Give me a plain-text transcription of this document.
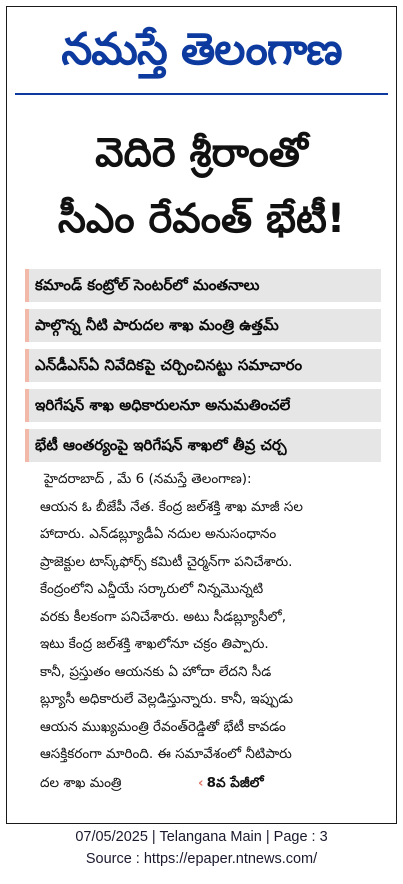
నమస్తే తెలంగాణ
వెదిరె శ్రీరాంతో
సీఎం రేవంత్ భేటీ!
కమాండ్ కంట్రోల్ సెంటర్‌లో మంతనాలు
పాల్గొన్న నీటి పారుదల శాఖ మంత్రి ఉత్తమ్
ఎన్‌డీఎస్‌ఏ నివేదికపై చర్చించినట్టు సమాచారం
ఇరిగేషన్ శాఖ అధికారులనూ అనుమతించలే
భేటీ ఆంతర్యంపై ఇరిగేషన్ శాఖలో తీవ్ర చర్చ
హైదరాబాద్ , మే 6 (నమస్తే తెలంగాణ):
ఆయన ఓ బీజేపీ నేత. కేంద్ర జల్‌శక్తి శాఖ మాజీ సల
హాదారు. ఎన్‌డబ్ల్యూడీఏ నదుల అనుసంధానం
ప్రాజెక్టుల టాస్క్‌ఫోర్స్ కమిటీ చైర్మన్‌గా పనిచేశారు.
కేంద్రంలోని ఎన్డీయే సర్కారులో నిన్నమొన్నటి
వరకు కీలకంగా పనిచేశారు. అటు సీడబ్ల్యూసీలో,
ఇటు కేంద్ర జల్‌శక్తి శాఖలోనూ చక్రం తిప్పారు.
కానీ, ప్రస్తుతం ఆయనకు ఏ హోదా లేదని సీడ
బ్ల్యూసీ అధికారులే వెల్లడిస్తున్నారు. కానీ, ఇప్పుడు
ఆయన ముఖ్యమంత్రి రేవంత్‌రెడ్డితో భేటీ కావడం
ఆసక్తికరంగా మారింది. ఈ సమావేశంలో నీటిపారు
దల శాఖ మంత్రి	‹ 8వ పేజీలో
07/05/2025 | Telangana Main | Page : 3
Source : https://epaper.ntnews.com/
